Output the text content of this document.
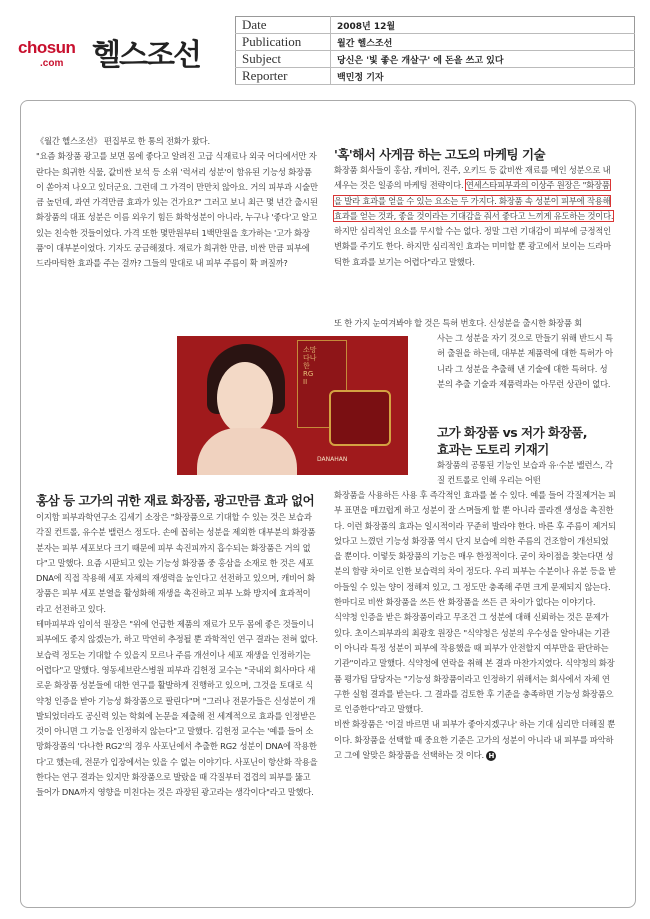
chosun
.com 헬스조선
Date	2008년 12월
Publication	월간 헬스조선
Subject	당신은 '빛 좋은 개살구' 에 돈을 쓰고 있다
Reporter	백민정 기자

《월간 헬스조선》 편집부로 한 통의 전화가 왔다.

"요즘 화장품 광고를 보면 몸에 좋다고 알려진 고급 식재료나 외국 어디에서만 자란다는 희귀한 식물, 값비싼 보석 등 소위 '럭셔리 성분'이 함유된 기능성 화장품이 쏟아져 나오고 있더군요. 그런데 그 가격이 만만치 않아요. 거의 피부과 시술만큼 높던데, 과연 가격만큼 효과가 있는 건가요?" 그러고 보니 최근 몇 년간 출시된 화장품의 대표 성분은 이름 외우기 힘든 화학성분이 아니라, 누구나 '좋다'고 알고 있는 친숙한 것들이었다. 가격 또한 몇만원부터 1백만원을 호가하는 '고가 화장품'이 대부분이었다. 기자도 궁금해졌다. 재료가 희귀한 만큼, 비싼 만큼 피부에 드라마틱한 효과를 주는 걸까? 그들의 말대로 내 피부 주름이 확 펴질까?

'혹'해서 사게끔 하는 고도의 마케팅 기술

화장품 회사들이 홍삼, 캐비어, 진주, 오키드 등 값비싼 재료를 메인 성분으로 내세우는 것은 일종의 마케팅 전략이다. 연세스타피부과의 이상주 원장은 "화장품을 발라 효과를 얻을 수 있는 요소는 두 가지다. 화장품 속 성분이 피부에 작용해 효과를 얻는 것과, 좋을 것이라는 기대감을 줘서 좋다고 느끼게 유도하는 것이다. 하지만 심리적인 요소를 무시할 수는 없다. 정말 그런 기대감이 피부에 긍정적인 변화를 주기도 한다. 하지만 심리적인 효과는 미미할 뿐 광고에서 보이는 드라마틱한 효과를 보기는 어렵다"라고 말했다.

또 한 가지 눈여겨봐야 할 것은 특허 번호다. 신성분을 출시한 화장품 회

사는 그 성분을 자기 것으로 만들기 위해 반드시 특허 출원을 하는데, 대부분 제품력에 대한 특허가 아니라 그 성분을 추출해 낸 기술에 대한 특허다. 성분의 추출 기술과 제품력과는 아무런 상관이 없다.

소망 다나한 RG II
DANAHAN
고가 화장품 vs 저가 화장품,
효과는 도토리 키재기
화장품의 공통된 기능인 보습과 유·수분 밸런스, 각질 컨트롤로 인해 우리는 어떤
홍삼 등 고가의 귀한 재료 화장품, 광고만큼 효과 없어

이지함 피부과학연구소 김세기 소장은 "화장품으로 기대할 수 있는 것은 보습과 각질 컨트롤, 유수분 밸런스 정도다. 손에 꼽히는 성분을 제외한 대부분의 화장품 분자는 피부 세포보다 크기 때문에 피부 속진피까지 흡수되는 화장품은 거의 없다"고 말했다. 요즘 시판되고 있는 기능성 화장품 중 홍삼을 소재로 한 것은 세포 DNA에 직접 작용해 세포 자체의 재생력을 높인다고 선전하고 있으며, 캐비어 화장품은 피부 세포 분열을 활성화해 재생을 촉진하고 피부 노화 방지에 효과적이라고 선전하고 있다.

테마피부과 임이석 원장은 "위에 언급한 제품의 재료가 모두 몸에 좋은 것들이니 피부에도 좋지 않겠는가, 하고 막연히 추정될 뿐 과학적인 연구 결과는 전혀 없다. 보습력 정도는 기대할 수 있을지 모르나 주름 개선이나 세포 재생을 인정하기는 어렵다"고 말했다. 영동세브란스병원 피부과 김헌정 교수는 "국내외 회사마다 새로운 화장품 성분들에 대한 연구를 활발하게 진행하고 있으며, 그것을 토대로 식약청 인증을 받아 기능성 화장품으로 팔린다"며 "그러나 전문가들은 신성분이 개발되었더라도 공신력 있는 학회에 논문을 제출해 전 세계적으로 효과를 인정받은 것이 아니면 그 기능을 인정하지 않는다"고 말했다. 김헌정 교수는 '예를 들어 소망화장품의 '다나한 RG2'의 경우 사포닌에서 추출한 RG2 성분이 DNA에 작용한다'고 했는데, 전문가 입장에서는 있을 수 없는 이야기다. 사포닌이 항산화 작용을 한다는 연구 결과는 있지만 화장품으로 발랐을 때 각질부터 겹겹의 피부를 뚫고 들어가 DNA까지 영향을 미친다는 것은 과장된 광고라는 생각이다"라고 말했다.

화장품을 사용하든 사용 후 즉각적인 효과를 볼 수 있다. 예를 들어 각질제거는 피부 표면을 매끄럽게 하고 성분이 잘 스며들게 할 뿐 아니라 콜라겐 생성을 촉진한다. 이런 화장품의 효과는 일시적이라 꾸준히 발라야 한다. 바른 후 주름이 제거되었다고 느꼈던 기능성 화장품 역시 단지 보습에 의한 주름의 건조함이 개선되었을 뿐이다. 이렇듯 화장품의 기능은 매우 한정적이다. 굳이 차이점을 찾는다면 성분의 함량 차이로 인한 보습력의 차이 정도다. 우리 피부는 수분이나 유분 등을 받아들일 수 있는 양이 정해져 있고, 그 정도만 충족해 주면 크게 문제되지 않는다. 한마디로 비싼 화장품을 쓰든 싼 화장품을 쓰든 큰 차이가 없다는 이야기다.

식약청 인증을 받은 화장품이라고 무조건 그 성분에 대해 신뢰하는 것은 문제가 있다. 초이스피부과의 최광호 원장은 "식약청은 성분의 우수성을 알아내는 기관이 아니라 특정 성분이 피부에 작용했을 때 피부가 안전할지 여부만을 판단하는 기관"이라고 말했다. 식약청에 연락을 취해 본 결과 마찬가지였다. 식약청의 화장품 평가팀 담당자는 "기능성 화장품이라고 인정하기 위해서는 회사에서 자체 연구한 실험 결과를 받는다. 그 결과를 검토한 후 기준을 충족하면 기능성 화장품으로 인증한다"라고 말했다.

비싼 화장품은 '이걸 바르면 내 피부가 좋아지겠구나' 하는 기대 심리만 더해질 뿐이다. 화장품을 선택할 때 중요한 기준은 고가의 성분이 아니라 내 피부를 파악하고 그에 알맞은 화장품을 선택하는 것 이다. H
